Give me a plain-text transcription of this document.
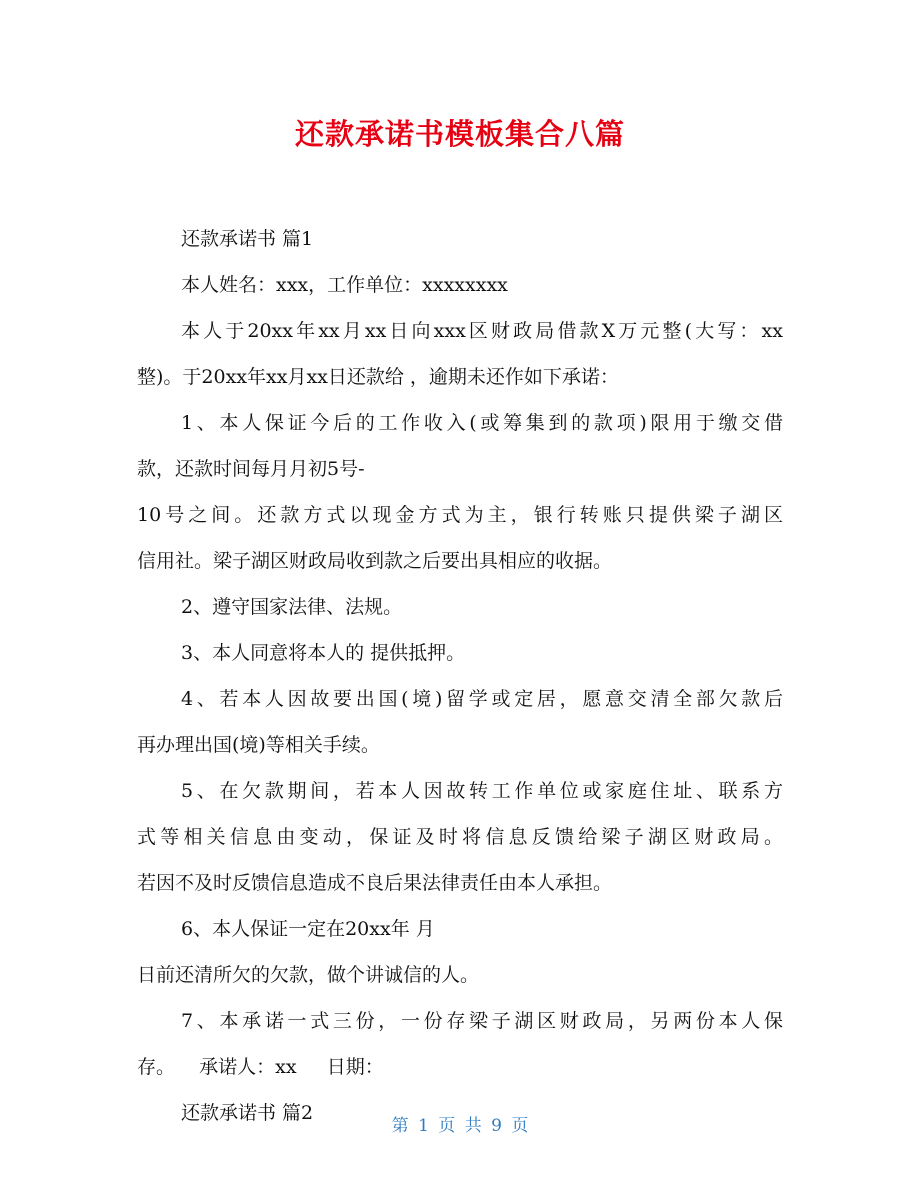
还款承诺书模板集合八篇
还款承诺书 篇1
本人姓名：xxx，工作单位：xxxxxxxx
本人于20xx年xx月xx日向xxx区财政局借款X万元整(大写：xx
整)。于20xx年xx月xx日还款给 ，逾期未还作如下承诺：
1、本人保证今后的工作收入(或筹集到的款项)限用于缴交借
款，还款时间每月月初5号-
10号之间。还款方式以现金方式为主，银行转账只提供梁子湖区
信用社。梁子湖区财政局收到款之后要出具相应的收据。
2、遵守国家法律、法规。
3、本人同意将本人的 提供抵押。
4、若本人因故要出国(境)留学或定居，愿意交清全部欠款后
再办理出国(境)等相关手续。
5、在欠款期间，若本人因故转工作单位或家庭住址、联系方
式等相关信息由变动，保证及时将信息反馈给梁子湖区财政局。
若因不及时反馈信息造成不良后果法律责任由本人承担。
6、本人保证一定在20xx年 月
日前还清所欠的欠款，做个讲诚信的人。
7、本承诺一式三份，一份存梁子湖区财政局，另两份本人保
存。    承诺人：xx     日期：
还款承诺书 篇2
第 1 页 共 9 页
